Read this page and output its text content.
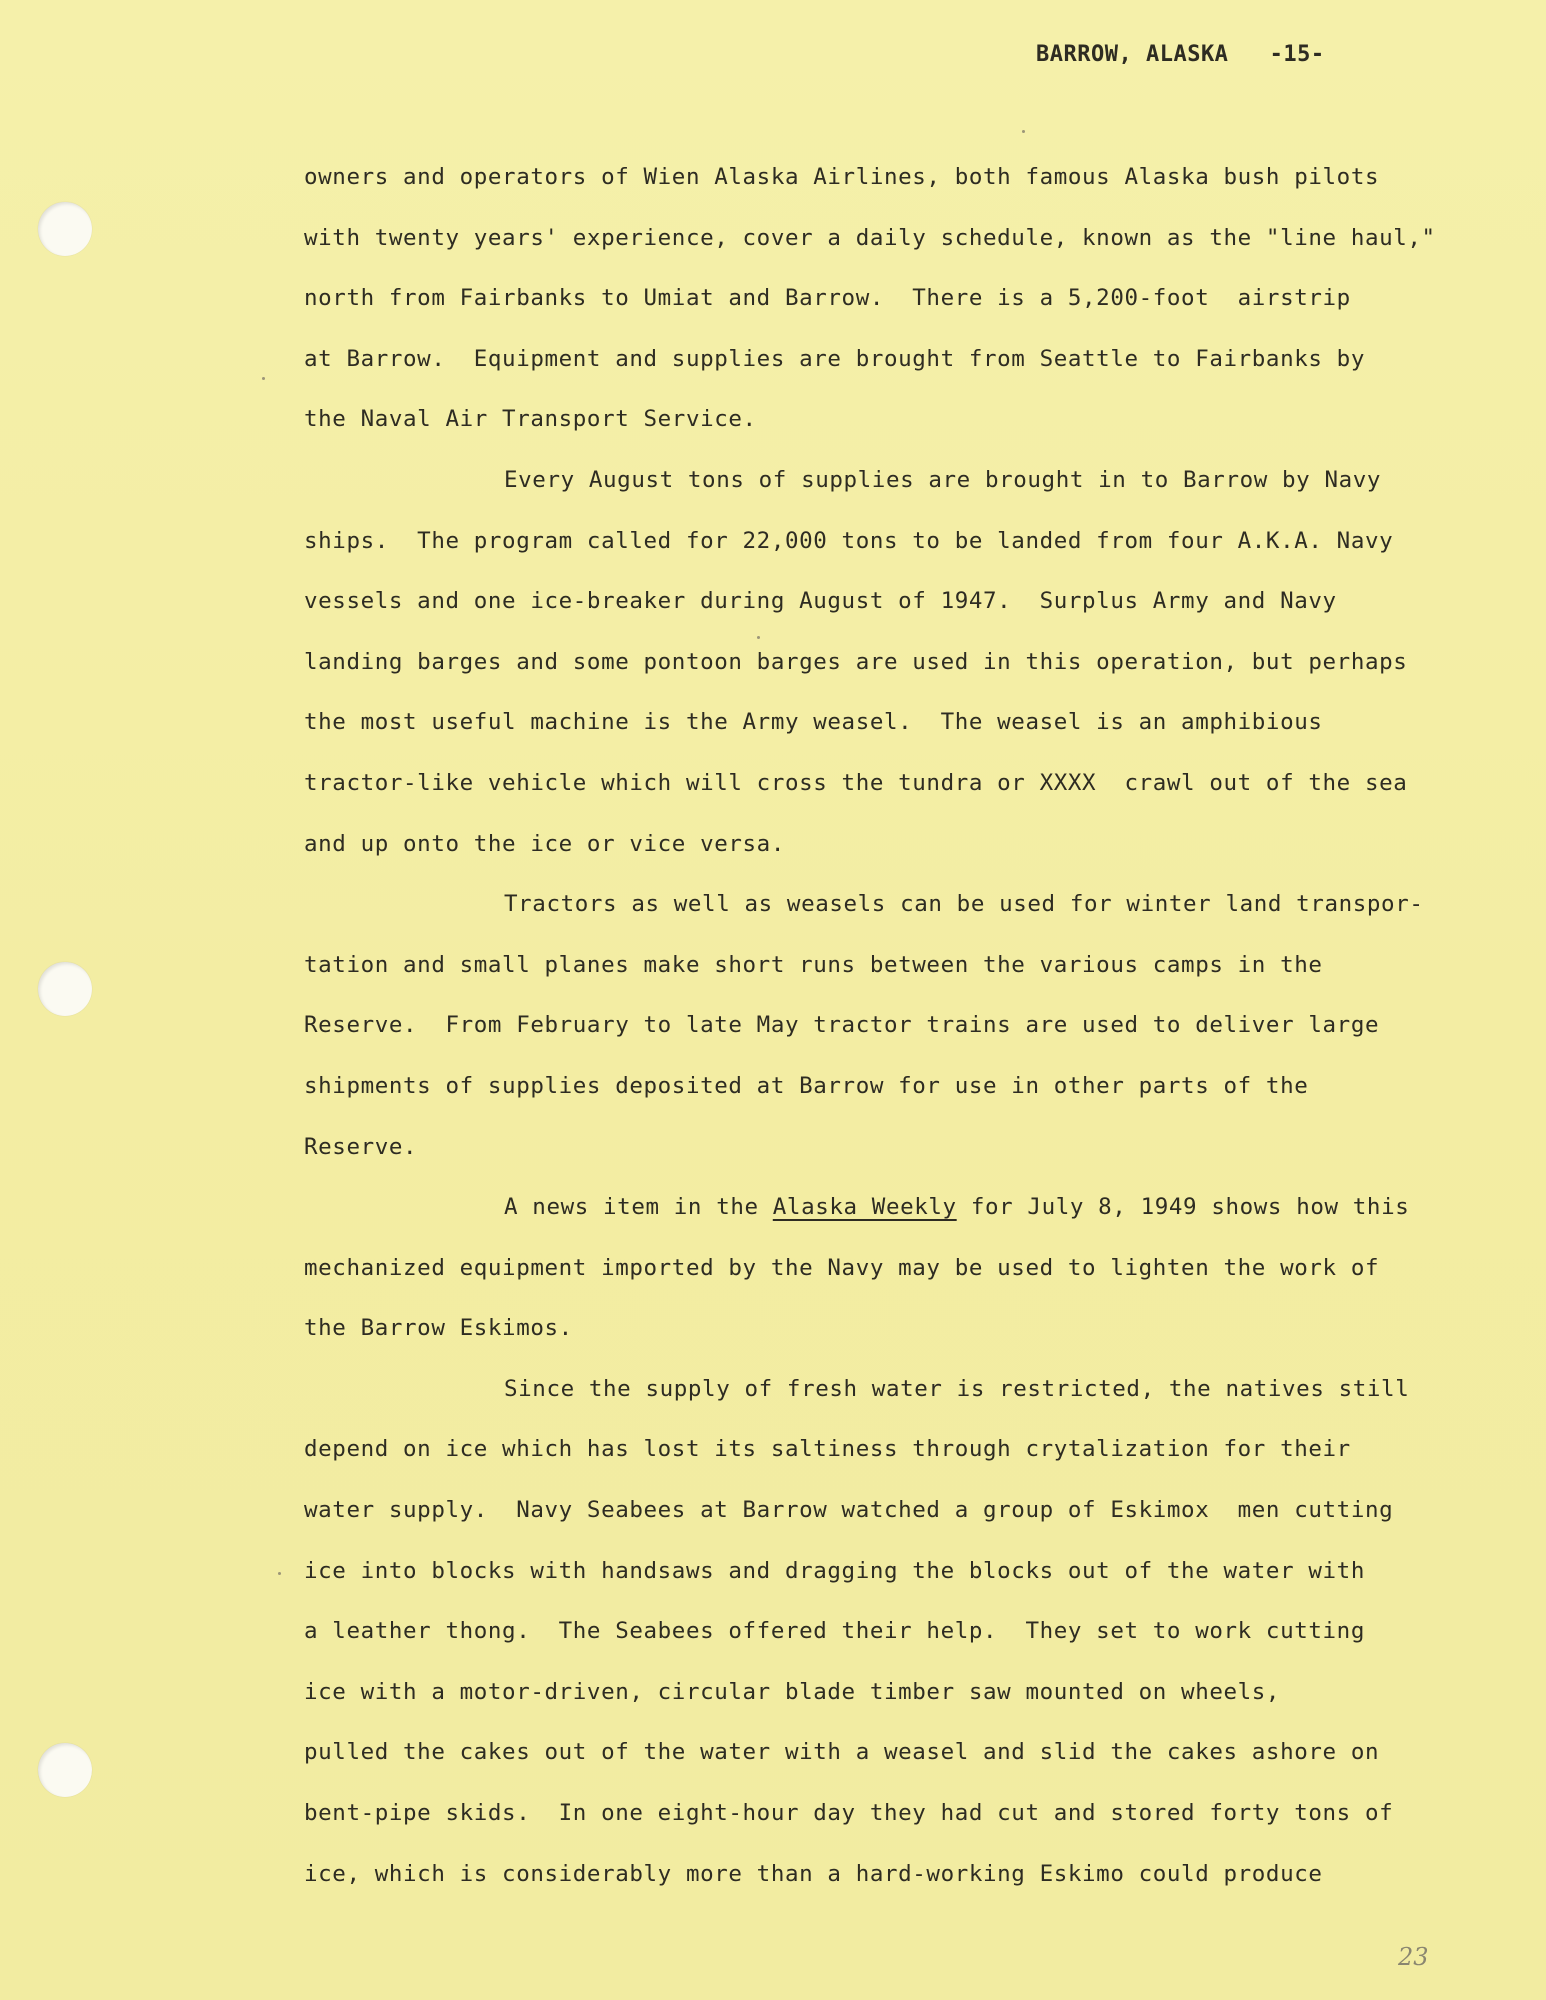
BARROW, ALASKA   -15-
owners and operators of Wien Alaska Airlines, both famous Alaska bush pilots
with twenty years' experience, cover a daily schedule, known as the "line haul,"
north from Fairbanks to Umiat and Barrow.  There is a 5,200-foot  airstrip
at Barrow.  Equipment and supplies are brought from Seattle to Fairbanks by
the Naval Air Transport Service.
Every August tons of supplies are brought in to Barrow by Navy
ships.  The program called for 22,000 tons to be landed from four A.K.A. Navy
vessels and one ice-breaker during August of 1947.  Surplus Army and Navy
landing barges and some pontoon barges are used in this operation, but perhaps
the most useful machine is the Army weasel.  The weasel is an amphibious
tractor-like vehicle which will cross the tundra or XXXX  crawl out of the sea
and up onto the ice or vice versa.
Tractors as well as weasels can be used for winter land transpor-
tation and small planes make short runs between the various camps in the
Reserve.  From February to late May tractor trains are used to deliver large
shipments of supplies deposited at Barrow for use in other parts of the
Reserve.
A news item in the Alaska Weekly for July 8, 1949 shows how this
mechanized equipment imported by the Navy may be used to lighten the work of
the Barrow Eskimos.
Since the supply of fresh water is restricted, the natives still
depend on ice which has lost its saltiness through crytalization for their
water supply.  Navy Seabees at Barrow watched a group of Eskimox  men cutting
ice into blocks with handsaws and dragging the blocks out of the water with
a leather thong.  The Seabees offered their help.  They set to work cutting
ice with a motor-driven, circular blade timber saw mounted on wheels,
pulled the cakes out of the water with a weasel and slid the cakes ashore on
bent-pipe skids.  In one eight-hour day they had cut and stored forty tons of
ice, which is considerably more than a hard-working Eskimo could produce
23
